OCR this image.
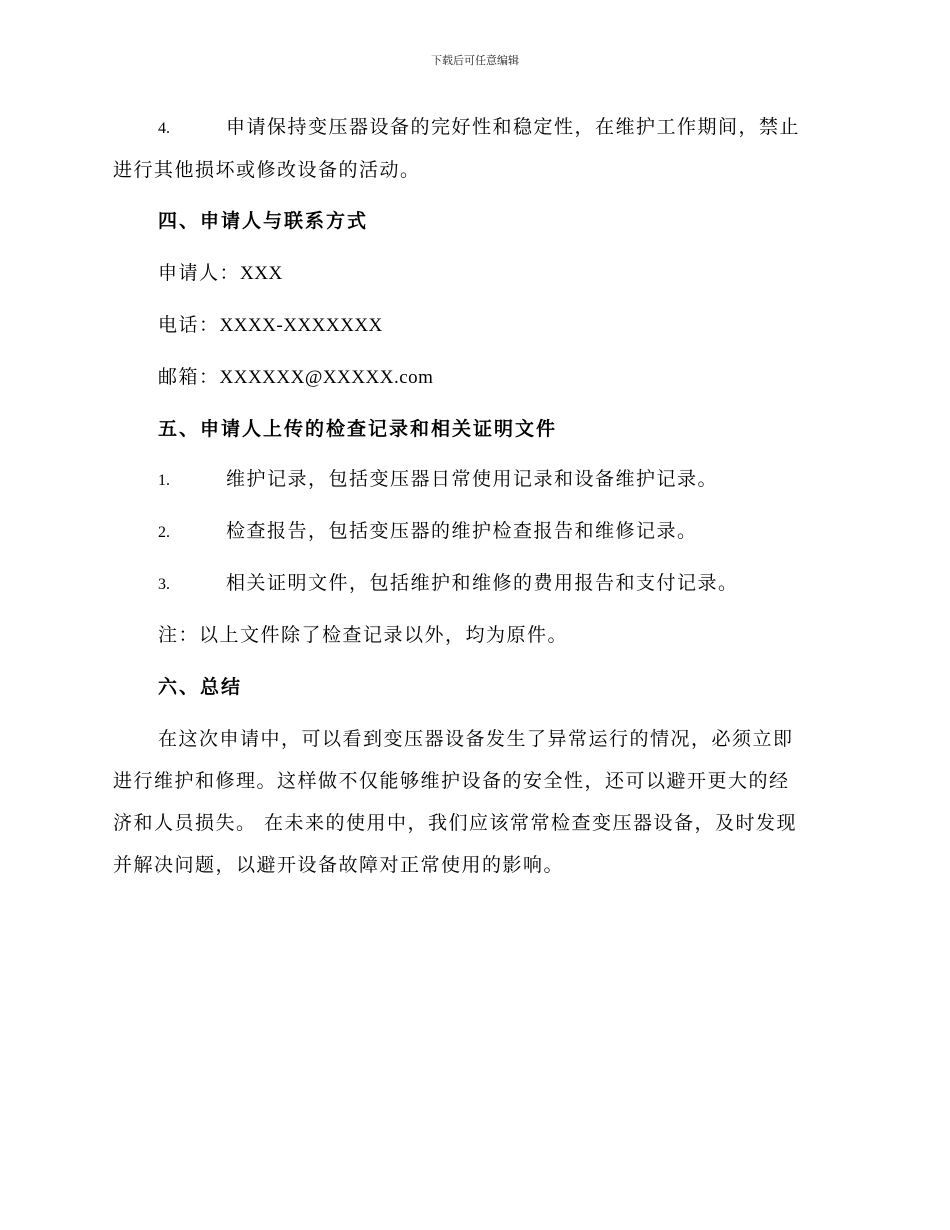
下载后可任意编辑
4.	申请保持变压器设备的完好性和稳定性，在维护工作期间，禁止
进行其他损坏或修改设备的活动。
四、申请人与联系方式
申请人：XXX
电话：XXXX-XXXXXXX
邮箱：XXXXXX@XXXXX.com
五、申请人上传的检查记录和相关证明文件
1.	维护记录，包括变压器日常使用记录和设备维护记录。
2.	检查报告，包括变压器的维护检查报告和维修记录。
3.	相关证明文件，包括维护和维修的费用报告和支付记录。
注：以上文件除了检查记录以外，均为原件。
六、总结
在这次申请中，可以看到变压器设备发生了异常运行的情况，必须立即
进行维护和修理。这样做不仅能够维护设备的安全性，还可以避开更大的经
济和人员损失。 在未来的使用中，我们应该常常检查变压器设备，及时发现
并解决问题，以避开设备故障对正常使用的影响。
